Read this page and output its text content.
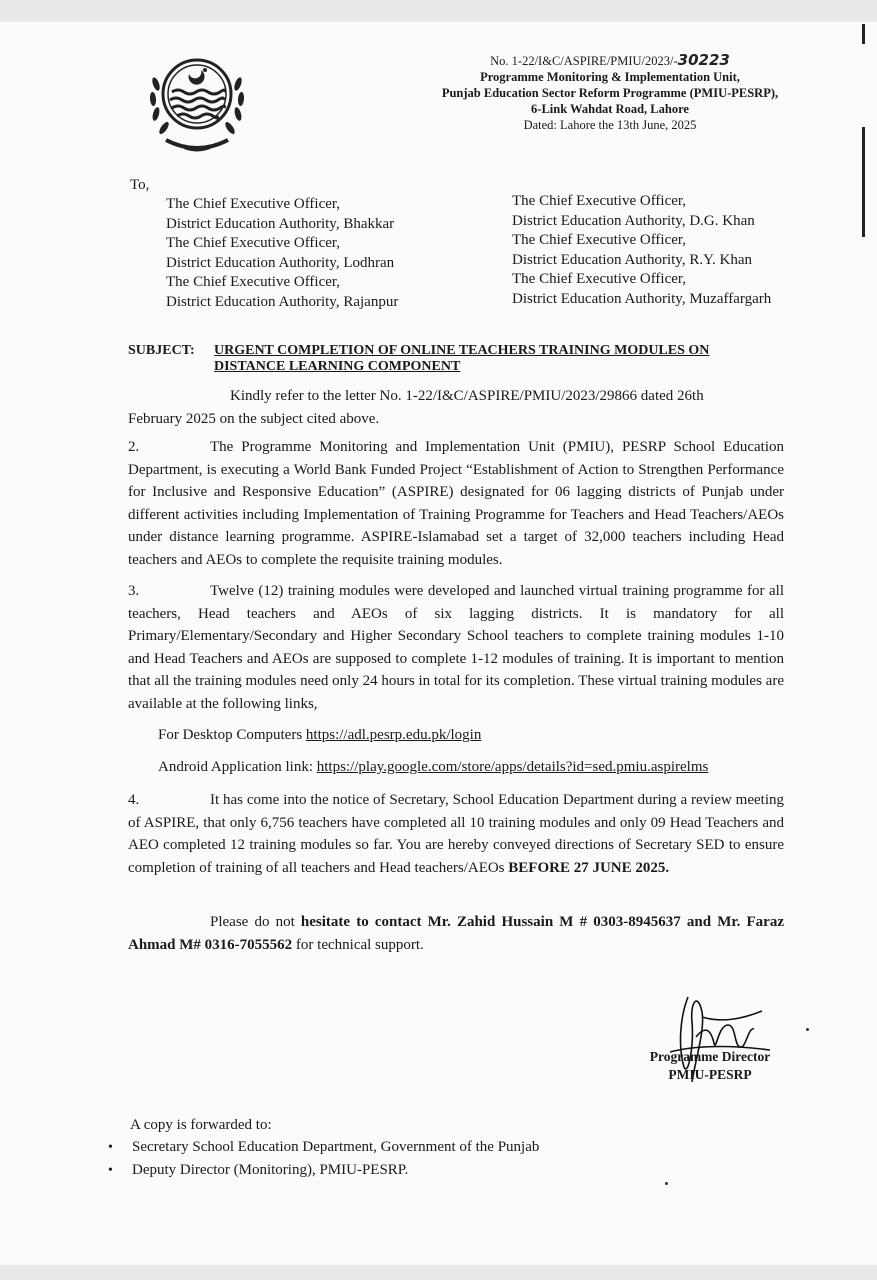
No. 1-22/I&C/ASPIRE/PMIU/2023/-30223
Programme Monitoring & Implementation Unit,
Punjab Education Sector Reform Programme (PMIU-PESRP),
6-Link Wahdat Road, Lahore
Dated: Lahore the 13th June, 2025
To,
The Chief Executive Officer,
District Education Authority, Bhakkar
The Chief Executive Officer,
District Education Authority, Lodhran
The Chief Executive Officer,
District Education Authority, Rajanpur
The Chief Executive Officer,
District Education Authority, D.G. Khan
The Chief Executive Officer,
District Education Authority, R.Y. Khan
The Chief Executive Officer,
District Education Authority, Muzaffargarh
SUBJECT: URGENT COMPLETION OF ONLINE TEACHERS TRAINING MODULES ON
DISTANCE LEARNING COMPONENT
Kindly refer to the letter No. 1-22/I&C/ASPIRE/PMIU/2023/29866 dated 26th
February 2025 on the subject cited above.
2.	The Programme Monitoring and Implementation Unit (PMIU), PESRP School Education Department, is executing a World Bank Funded Project “Establishment of Action to Strengthen Performance for Inclusive and Responsive Education” (ASPIRE) designated for 06 lagging districts of Punjab under different activities including Implementation of Training Programme for Teachers and Head Teachers/AEOs under distance learning programme. ASPIRE-Islamabad set a target of 32,000 teachers including Head teachers and AEOs to complete the requisite training modules.
3.	Twelve (12) training modules were developed and launched virtual training programme for all teachers, Head teachers and AEOs of six lagging districts. It is mandatory for all Primary/Elementary/Secondary and Higher Secondary School teachers to complete training modules 1-10 and Head Teachers and AEOs are supposed to complete 1-12 modules of training. It is important to mention that all the training modules need only 24 hours in total for its completion. These virtual training modules are available at the following links,
For Desktop Computers https://adl.pesrp.edu.pk/login
Android Application link: https://play.google.com/store/apps/details?id=sed.pmiu.aspirelms
4.	It has come into the notice of Secretary, School Education Department during a review meeting of ASPIRE, that only 6,756 teachers have completed all 10 training modules and only 09 Head Teachers and AEO completed 12 training modules so far. You are hereby conveyed directions of Secretary SED to ensure completion of training of all teachers and Head teachers/AEOs BEFORE 27 JUNE 2025.
Please do not hesitate to contact Mr. Zahid Hussain M # 0303-8945637 and Mr. Faraz Ahmad M# 0316-7055562 for technical support.
Programme Director
PMIU-PESRP
A copy is forwarded to:
• Secretary School Education Department, Government of the Punjab
• Deputy Director (Monitoring), PMIU-PESRP.
